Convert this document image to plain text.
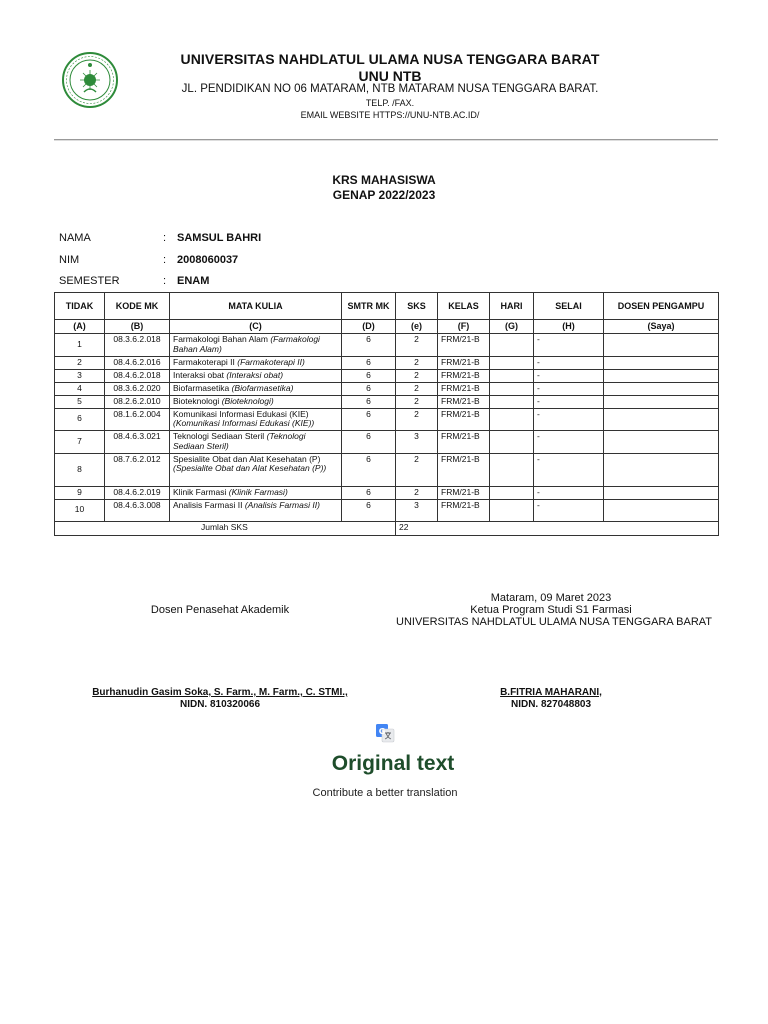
UNIVERSITAS NAHDLATUL ULAMA NUSA TENGGARA BARAT
UNU NTB
JL. PENDIDIKAN NO 06 MATARAM, NTB MATARAM NUSA TENGGARA BARAT.
TELP. /FAX.
EMAIL WEBSITE HTTPS://UNU-NTB.AC.ID/
KRS MAHASISWA
GENAP 2022/2023
NAMA	: SAMSUL BAHRI
NIM	: 2008060037
SEMESTER	: ENAM
TIDAK	KODE MK	MATA KULIA	SMTR MK	SKS	KELAS	HARI	SELAI	DOSEN PENGAMPU
(A)	(B)	(C)	(D)	(e)	(F)	(G)	(H)	(Saya)
1	08.3.6.2.018	Farmakologi Bahan Alam (Farmakologi Bahan Alam)	6	2	FRM/21-B		-	
2	08.4.6.2.016	Farmakoterapi II (Farmakoterapi II)	6	2	FRM/21-B		-	
3	08.4.6.2.018	Interaksi obat (Interaksi obat)	6	2	FRM/21-B		-	
4	08.3.6.2.020	Biofarmasetika (Biofarmasetika)	6	2	FRM/21-B		-	
5	08.2.6.2.010	Bioteknologi (Bioteknologi)	6	2	FRM/21-B		-	
6	08.1.6.2.004	Komunikasi Informasi Edukasi (KIE) (Komunikasi Informasi Edukasi (KIE))	6	2	FRM/21-B		-	
7	08.4.6.3.021	Teknologi Sediaan Steril (Teknologi Sediaan Steril)	6	3	FRM/21-B		-	
8	08.7.6.2.012	Spesialite Obat dan Alat Kesehatan (P) (Spesialite Obat dan Alat Kesehatan (P))	6	2	FRM/21-B		-	
9	08.4.6.2.019	Klinik Farmasi (Klinik Farmasi)	6	2	FRM/21-B		-	
10	08.4.6.3.008	Analisis Farmasi II (Analisis Farmasi II)	6	3	FRM/21-B		-	
Jumlah SKS				22				
Mataram, 09 Maret 2023
Dosen Penasehat Akademik	Ketua Program Studi S1 Farmasi
UNIVERSITAS NAHDLATUL ULAMA NUSA TENGGARA BARAT
Burhanudin Gasim Soka, S. Farm., M. Farm., C. STMI.,
NIDN. 810320066
B.FITRIA MAHARANI,
NIDN. 827048803
G
Original text
Contribute a better translation
